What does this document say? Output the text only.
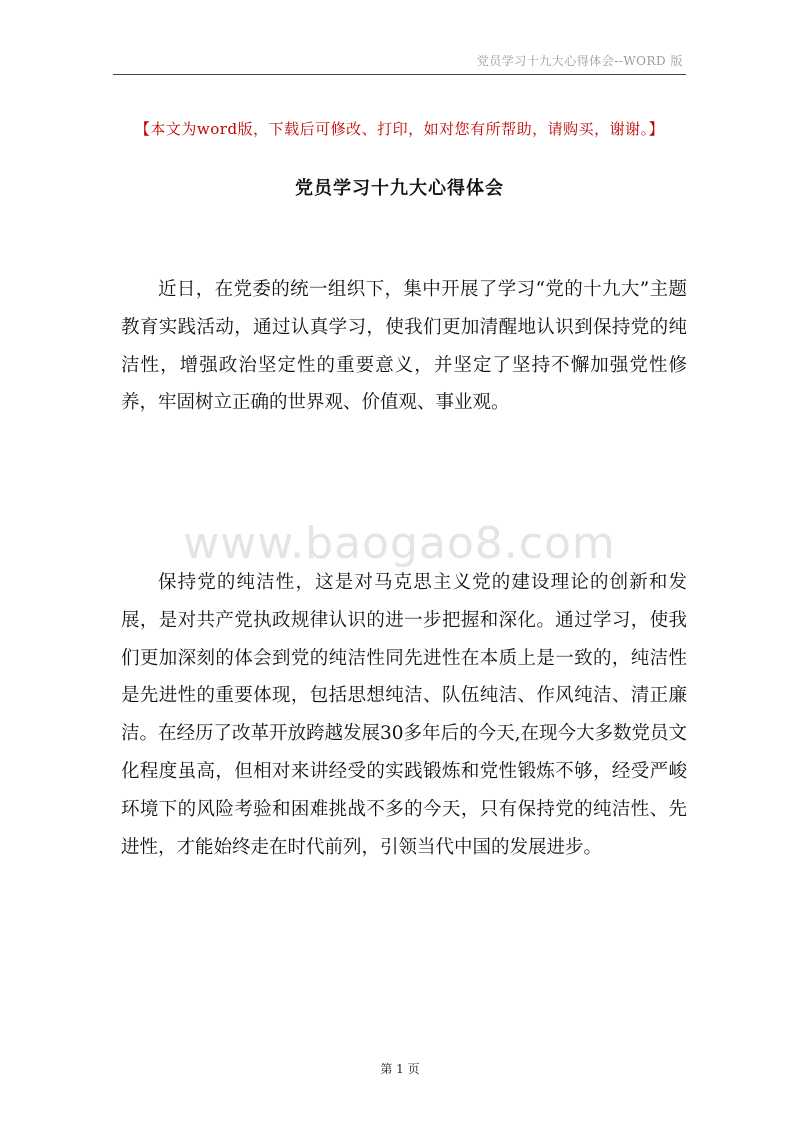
党员学习十九大心得体会--WORD 版
【本文为word版，下载后可修改、打印，如对您有所帮助，请购买，谢谢。】
党员学习十九大心得体会

近日，在党委的统一组织下，集中开展了学习“党的十九大”主题教育实践活动，通过认真学习，使我们更加清醒地认识到保持党的纯洁性，增强政治坚定性的重要意义，并坚定了坚持不懈加强党性修养，牢固树立正确的世界观、价值观、事业观。

www.baogao8.com

保持党的纯洁性，这是对马克思主义党的建设理论的创新和发展，是对共产党执政规律认识的进一步把握和深化。通过学习，使我们更加深刻的体会到党的纯洁性同先进性在本质上是一致的，纯洁性是先进性的重要体现，包括思想纯洁、队伍纯洁、作风纯洁、清正廉洁。在经历了改革开放跨越发展30多年后的今天,在现今大多数党员文化程度虽高，但相对来讲经受的实践锻炼和党性锻炼不够，经受严峻环境下的风险考验和困难挑战不多的今天，只有保持党的纯洁性、先进性，才能始终走在时代前列，引领当代中国的发展进步。

第 1 页
